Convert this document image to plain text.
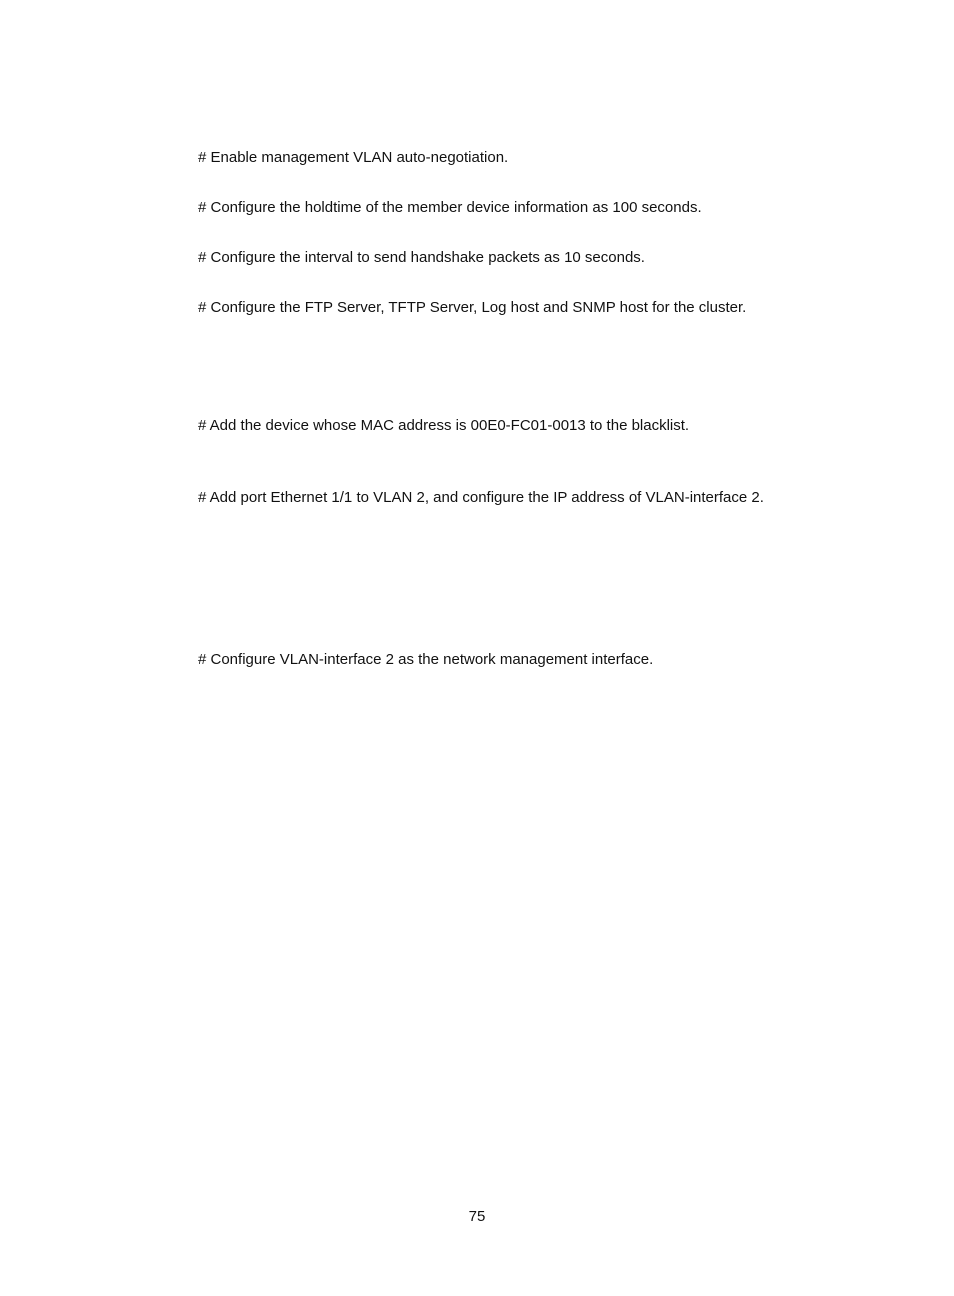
# Enable management VLAN auto-negotiation.

# Configure the holdtime of the member device information as 100 seconds.

# Configure the interval to send handshake packets as 10 seconds.

# Configure the FTP Server, TFTP Server, Log host and SNMP host for the cluster.

# Add the device whose MAC address is 00E0-FC01-0013 to the blacklist.

# Add port Ethernet 1/1 to VLAN 2, and configure the IP address of VLAN-interface 2.

# Configure VLAN-interface 2 as the network management interface.

75
